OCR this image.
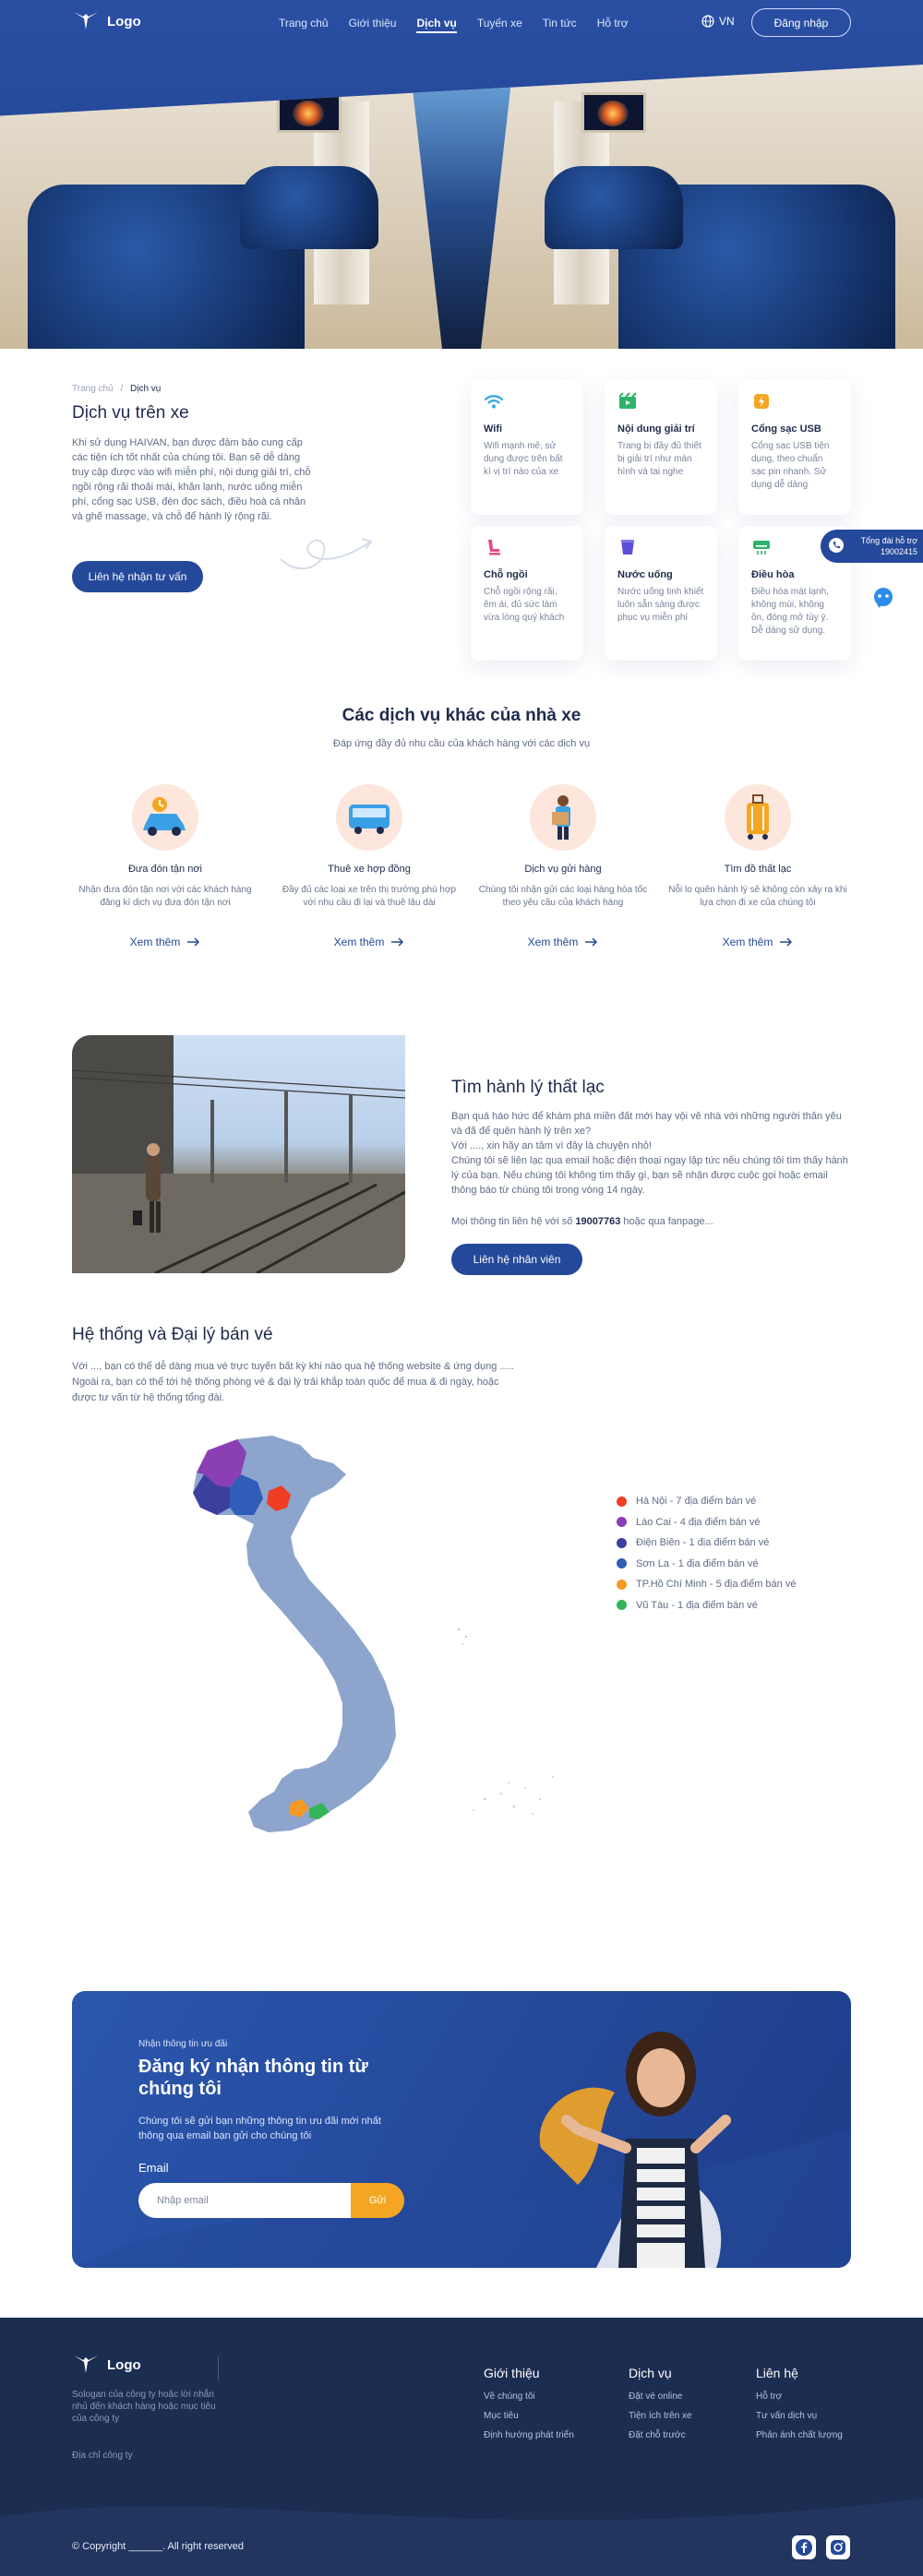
Logo	Trang chủ Giới thiệu Dịch vụ Tuyến xe Tin tức Hỗ trợ	VN	Đăng nhập
Trang chủ / Dịch vụ
Dịch vụ trên xe
Khi sử dụng HAIVAN, bạn được đảm bảo cung cấp các tiện ích tốt nhất của chúng tôi. Bạn sẽ dễ dàng truy cập được vào wifi miễn phí, nội dung giải trí, chỗ ngồi rộng rãi thoải mái, khăn lạnh, nước uống miễn phí, cổng sạc USB, đèn đọc sách, điều hoà cá nhân và ghế massage, và chỗ để hành lý rộng rãi.
Liên hệ nhận tư vấn
Wifi

Wifi mạnh mẽ, sử dụng được trên bất kì vị trí nào của xe

Nội dung giải trí

Trang bị đầy đủ thiết bị giải trí như màn hình và tai nghe

Cổng sạc USB

Cổng sạc USB tiện dụng, theo chuẩn sạc pin nhanh. Sử dụng dễ dàng

Chỗ ngồi

Chỗ ngồi rộng rãi, êm ái, đủ sức làm vừa lòng quý khách

Nước uống

Nước uống tinh khiết luôn sẵn sàng được phục vụ miễn phí

Điều hòa

Điều hòa mát lạnh, không mùi, không ồn, đóng mở tùy ý. Dễ dàng sử dụng.

Tổng đài hỗ trợ
19002415
Các dịch vụ khác của nhà xe
Đáp ứng đầy đủ nhu cầu của khách hàng với các dịch vụ
Đưa đón tận nơi

Nhận đưa đón tận nơi với các khách hàng đăng kí dịch vụ đưa đón tận nơi

Xem thêm
Thuê xe hợp đồng

Đầy đủ các loại xe trên thị trường phù hợp với nhu cầu đi lại và thuê lâu dài

Xem thêm
Dịch vụ gửi hàng

Chúng tôi nhận gửi các loại hàng hóa tốc theo yêu cầu của khách hàng

Xem thêm
Tìm đồ thất lạc

Nỗi lo quên hành lý sẽ không còn xảy ra khi lựa chọn đi xe của chúng tôi

Xem thêm
Tìm hành lý thất lạc
Bạn quá háo hức để khám phá miền đất mới hay vội vê nhà với những người thân yêu và đã để quên hành lý trên xe?
Với ...., xin hãy an tâm vì đây là chuyện nhỏ!
Chúng tôi sẽ liên lạc qua email hoặc điện thoại ngay lập tức nếu chúng tôi tìm thấy hành lý của bạn. Nếu chúng tôi không tìm thấy gì, bạn sẽ nhận được cuộc gọi hoặc email thông báo từ chúng tôi trong vòng 14 ngày.
Mọi thông tin liên hệ với số 19007763 hoặc qua fanpage...
Liên hệ nhân viên
Hệ thống và Đại lý bán vé
Với ..., bạn có thể dễ dàng mua vé trực tuyến bất kỳ khi nào qua hệ thống website & ứng dụng ..... Ngoài ra, bạn có thể tới hệ thống phòng vé & đại lý trải khắp toàn quốc để mua & đi ngày, hoặc được tư vấn từ hệ thống tổng đài.
Hà Nội - 7 địa điểm bán vé
Lào Cai - 4 địa điểm bán vé
Điện Biên - 1 địa điểm bán vé
Sơn La - 1 địa điểm bán vé
TP.Hồ Chí Minh - 5 địa điểm bán vé
Vũ Tàu - 1 địa điểm bán vé
Nhận thông tin ưu đãi
Đăng ký nhận thông tin từ chúng tôi
Chúng tôi sẽ gửi bạn những thông tin ưu đãi mới nhất thông qua email bạn gửi cho chúng tôi
Email
Nhập email	Gửi
Logo
Sologan của công ty hoặc lời nhắn nhủ đến khách hàng hoặc mục tiêu của công ty
Địa chỉ công ty
Giới thiệu
Về chúng tôi
Mục tiêu
Định hướng phát triển
Dịch vụ
Đặt vé online
Tiện ích trên xe
Đặt chỗ trước
Liên hệ
Hỗ trợ
Tư vấn dịch vụ
Phản ánh chất lượng
© Copyright ______. All right reserved
